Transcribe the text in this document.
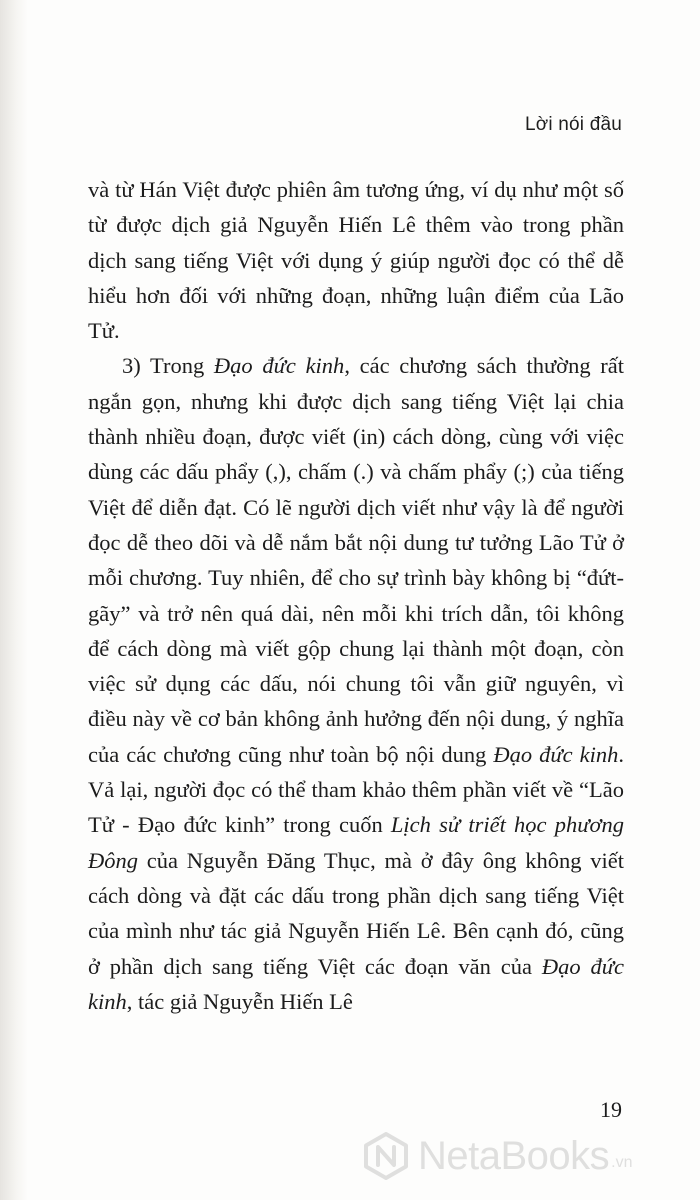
Lời nói đầu

và từ Hán Việt được phiên âm tương ứng, ví dụ như một số từ được dịch giả Nguyễn Hiến Lê thêm vào trong phần dịch sang tiếng Việt với dụng ý giúp người đọc có thể dễ hiểu hơn đối với những đoạn, những luận điểm của Lão Tử.

3) Trong Đạo đức kinh, các chương sách thường rất ngắn gọn, nhưng khi được dịch sang tiếng Việt lại chia thành nhiều đoạn, được viết (in) cách dòng, cùng với việc dùng các dấu phẩy (,), chấm (.) và chấm phẩy (;) của tiếng Việt để diễn đạt. Có lẽ người dịch viết như vậy là để người đọc dễ theo dõi và dễ nắm bắt nội dung tư tưởng Lão Tử ở mỗi chương. Tuy nhiên, để cho sự trình bày không bị “đứt-gãy” và trở nên quá dài, nên mỗi khi trích dẫn, tôi không để cách dòng mà viết gộp chung lại thành một đoạn, còn việc sử dụng các dấu, nói chung tôi vẫn giữ nguyên, vì điều này về cơ bản không ảnh hưởng đến nội dung, ý nghĩa của các chương cũng như toàn bộ nội dung Đạo đức kinh. Vả lại, người đọc có thể tham khảo thêm phần viết về “Lão Tử - Đạo đức kinh” trong cuốn Lịch sử triết học phương Đông của Nguyễn Đăng Thục, mà ở đây ông không viết cách dòng và đặt các dấu trong phần dịch sang tiếng Việt của mình như tác giả Nguyễn Hiến Lê. Bên cạnh đó, cũng ở phần dịch sang tiếng Việt các đoạn văn của Đạo đức kinh, tác giả Nguyễn Hiến Lê

19
NetaBooks .vn
